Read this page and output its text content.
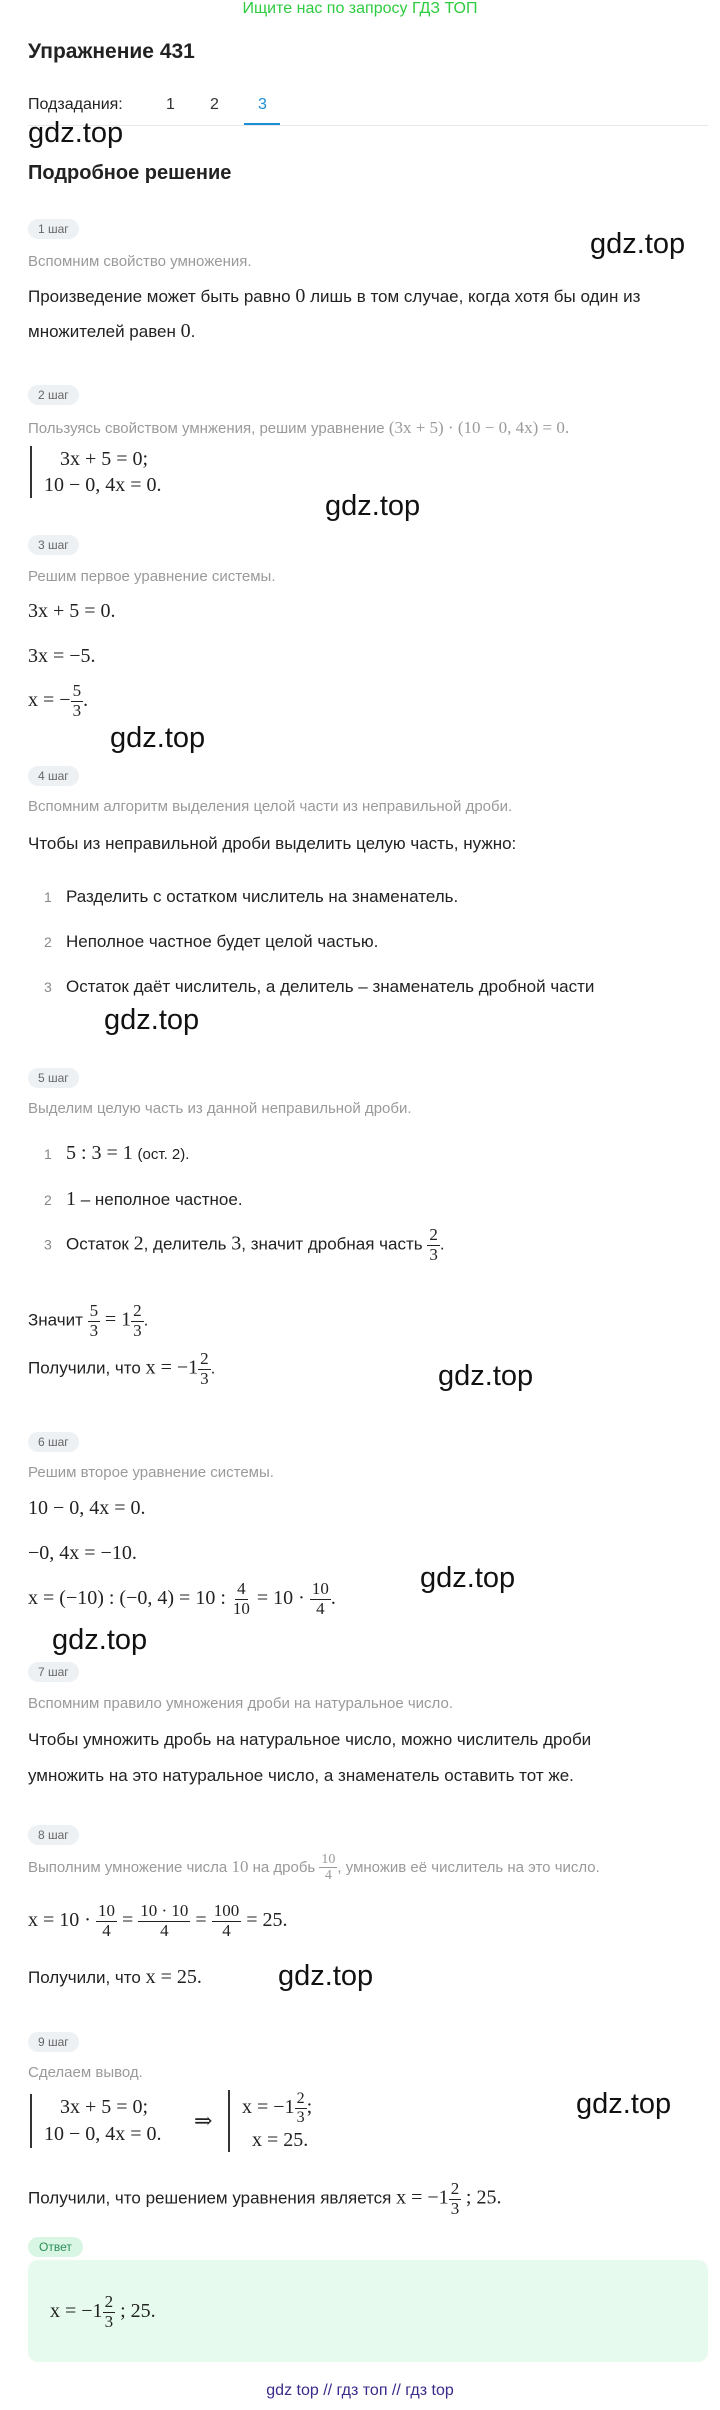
Ищите нас по запросу ГДЗ ТОП
Упражнение 431
Подзадания:	1 2 3
gdz.top
Подробное решение
1 шаг	gdz.top
Вспомним свойство умножения.
Произведение может быть равно 0 лишь в том случае, когда хотя бы один из
множителей равен 0.
2 шаг
Пользуясь свойством умнжения, решим уравнение (3x + 5) · (10 − 0, 4x) = 0.
3x + 5 = 0;
10 − 0, 4x = 0.
gdz.top
3 шаг
Решим первое уравнение системы.
3x + 5 = 0.
3x = −5.
x = − $\frac{5}{3}$ .
gdz.top
4 шаг
Вспомним алгоритм выделения целой части из неправильной дроби.
Чтобы из неправильной дроби выделить целую часть, нужно:
1 Разделить с остатком числитель на знаменатель.
2 Неполное частное будет целой частью.
3 Остаток даёт числитель, а делитель – знаменатель дробной части
gdz.top
5 шаг
Выделим целую часть из данной неправильной дроби.
1 5 : 3 = 1 (ост. 2).
2 1 – неполное частное.
3 Остаток 2, делитель 3, значит дробная часть $\frac{2}{3}$ .
Значит $\frac{5}{3} = 1 \frac{2}{3}$ .
Получили, что $x = -1 \frac{2}{3}$ .	gdz.top
6 шаг
Решим второе уравнение системы.
10 − 0, 4x = 0.
−0, 4x = −10.
gdz.top
x = (−10) : (−0, 4) = 10 : $\frac{4}{10} = 10 \cdot \frac{10}{4}$ .
gdz.top
7 шаг
Вспомним правило умножения дроби на натуральное число.
Чтобы умножить дробь на натуральное число, можно числитель дроби
умножить на это натуральное число, а знаменатель оставить тот же.
8 шаг
Выполним умножение числа 10 на дробь $\frac{10}{4}$ , умножив её числитель на это число.
$x = 10 \cdot \frac{10}{4} = \frac{10 \cdot 10}{4} = \frac{100}{4} = 25$.
Получили, что x = 25.	gdz.top
9 шаг
Сделаем вывод.
3x + 5 = 0;
10 − 0, 4x = 0.
⇒
$x = -1 \frac{2}{3}$ ;
x = 25.
gdz.top
Получили, что решением уравнения является $x = -1 \frac{2}{3}$ ; 25.
Ответ
$x = -1 \frac{2}{3}$ ; 25.
gdz top // гдз топ // гдз top
